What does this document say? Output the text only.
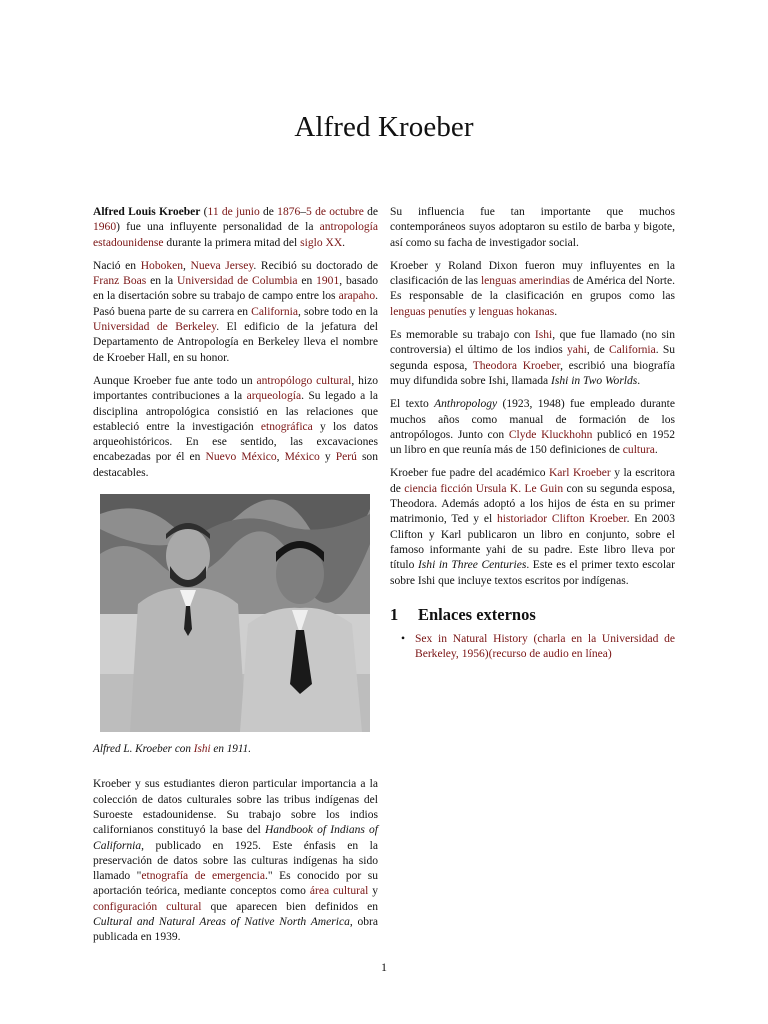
Alfred Kroeber

Alfred Louis Kroeber (11 de junio de 1876–5 de octubre de 1960) fue una influyente personalidad de la antropología estadounidense durante la primera mitad del siglo XX.

Nació en Hoboken, Nueva Jersey. Recibió su doctorado de Franz Boas en la Universidad de Columbia en 1901, basado en la disertación sobre su trabajo de campo entre los arapaho. Pasó buena parte de su carrera en California, sobre todo en la Universidad de Berkeley. El edificio de la jefatura del Departamento de Antropología en Berkeley lleva el nombre de Kroeber Hall, en su honor.

Aunque Kroeber fue ante todo un antropólogo cultural, hizo importantes contribuciones a la arqueología. Su legado a la disciplina antropológica consistió en las relaciones que estableció entre la investigación etnográfica y los datos arqueohistóricos. En ese sentido, las excavaciones encabezadas por él en Nuevo México, México y Perú son destacables.

Alfred L. Kroeber con Ishi en 1911.

Kroeber y sus estudiantes dieron particular importancia a la colección de datos culturales sobre las tribus indígenas del Suroeste estadounidense. Su trabajo sobre los indios californianos constituyó la base del Handbook of Indians of California, publicado en 1925. Este énfasis en la preservación de datos sobre las culturas indígenas ha sido llamado "etnografía de emergencia." Es conocido por su aportación teórica, mediante conceptos como área cultural y configuración cultural que aparecen bien definidos en Cultural and Natural Areas of Native North America, obra publicada en 1939.

Su influencia fue tan importante que muchos contemporáneos suyos adoptaron su estilo de barba y bigote, así como su facha de investigador social.

Kroeber y Roland Dixon fueron muy influyentes en la clasificación de las lenguas amerindias de América del Norte. Es responsable de la clasificación en grupos como las lenguas penutíes y lenguas hokanas.

Es memorable su trabajo con Ishi, que fue llamado (no sin controversia) el último de los indios yahi, de California. Su segunda esposa, Theodora Kroeber, escribió una biografía muy difundida sobre Ishi, llamada Ishi in Two Worlds.

El texto Anthropology (1923, 1948) fue empleado durante muchos años como manual de formación de los antropólogos. Junto con Clyde Kluckhohn publicó en 1952 un libro en que reunía más de 150 definiciones de cultura.

Kroeber fue padre del académico Karl Kroeber y la escritora de ciencia ficción Ursula K. Le Guin con su segunda esposa, Theodora. Además adoptó a los hijos de ésta en su primer matrimonio, Ted y el historiador Clifton Kroeber. En 2003 Clifton y Karl publicaron un libro en conjunto, sobre el famoso informante yahi de su padre. Este libro lleva por título Ishi in Three Centuries. Este es el primer texto escolar sobre Ishi que incluye textos escritos por indígenas.

1 Enlaces externos
• Sex in Natural History (charla en la Universidad de Berkeley, 1956)(recurso de audio en línea)
1
